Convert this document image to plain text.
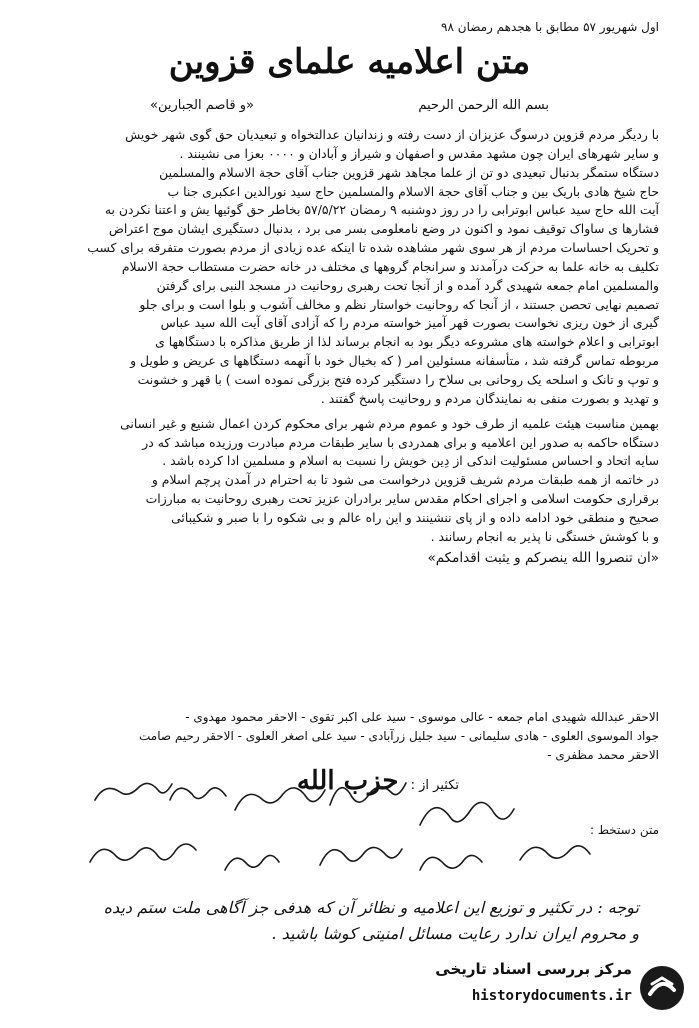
اول شهریور ۵۷ مطابق با هجدهم رمضان ۹۸
متن اعلامیه علمای قزوین
بسم الله الرحمن الرحیم
«و قاصم الجبارین»

با ردیگر مردم قزوین درسوگ عزیزان از دست رفته و زندانیان عدالتخواه و تبعیدیان حق گوی شهر خویش

و سایر شهرهای ایران چون مشهد مقدس و اصفهان و شیراز و آبادان و ۰۰۰۰ بعزا می نشینند .

دستگاه ستمگر بدنبال تبعیدی دو تن از علما مجاهد شهر قزوین جناب آقای حجة الاسلام والمسلمین

حاج شیخ هادی باریک بین و جناب آقای حجة الاسلام والمسلمین حاج سید نورالدین اعکبری جنا ب

آیت الله حاج سید عباس ابوترابی را در روز دوشنبه ۹ رمضان ۵۷/۵/۲۲ بخاطر حق گوئیها یش و اعتنا نکردن به

فشارها ی ساواک توقیف نمود و اکنون در وضع نامعلومی بسر می برد ، بدنبال دستگیری ایشان موج اعتراض

و تحریک احساسات مردم از هر سوی شهر مشاهده شده تا اینکه عده زیادی از مردم بصورت متفرقه برای کسب

تکلیف به خانه علما به حرکت درآمدند و سرانجام گروهها ی مختلف در خانه حضرت مستطاب حجة الاسلام

والمسلمین امام جمعه شهیدی گرد آمده و از آنجا تحت رهبری روحانیت در مسجد النبی برای گرفتن

تصمیم نهایی تحصن جستند ، از آنجا که روحانیت خواستار نظم و مخالف آشوب و بلوا است و برای جلو

گیری از خون ریزی نخواست بصورت قهر آمیز خواسته مردم را که آزادی آقای آیت الله سید عباس

ابوترابی و اعلام خواسته های مشروعه دیگر بود به انجام برساند لذا از طریق مذاکره با دستگاهها ی

مربوطه تماس گرفته شد ، متأسفانه مسئولین امر ( که بخیال خود با آنهمه دستگاهها ی عریض و طویل و

و توپ و تانک و اسلحه یک روحانی بی سلاح را دستگیر کرده فتح بزرگی نموده است ) با قهر و خشونت

و تهدید و بصورت منفی به نمایندگان مردم و روحانیت پاسخ گفتند .

بهمین مناسبت هیئت علمیه از طرف خود و عموم مردم شهر برای محکوم کردن اعمال شنیع و غیر انسانی

دستگاه حاکمه به صدور این اعلامیه و برای همدردی با سایر طبقات مردم مبادرت ورزیده مباشد که در

سایه اتحاد و احساس مسئولیت اندکی از دِین خویش را نسبت به اسلام و مسلمین ادا کرده باشد .

در خاتمه از همه طبقات مردم شریف قزوین درخواست می شود تا به احترام در آمدن پرچم اسلام و

برقراری حکومت اسلامی و اجرای احکام مقدس سایر برادران عزیز تحت رهبری روحانیت به مبارزات

صحیح و منطقی خود ادامه داده و از پای ننشینند و این راه عالم و بی شکوه را با صبر و شکیبائی

و با کوشش خستگی نا پذیر به انجام رسانند .

«ان تنصروا الله ینصرکم و یثبت اقدامکم»

الاحقر عبدالله شهیدی امام جمعه - عالی موسوی - سید علی اکبر تقوی - الاحقر محمود مهدوی -

جواد الموسوی العلوی - هادی سلیمانی - سید جلیل زرآبادی - سید علی اصغر العلوی - الاحقر رحیم صامت

الاحقر محمد مظفری -

تکثیر از : حزب الله
متن دستخط :

توجه : در تکثیر و توزیع این اعلامیه و نظائر آن که هدفی جز آگاهی ملت ستم دیده

و محروم ایران ندارد رعایت مسائل امنیتی کوشا باشید .

مرکز بررسی اسناد تاریخی
historydocuments.ir
